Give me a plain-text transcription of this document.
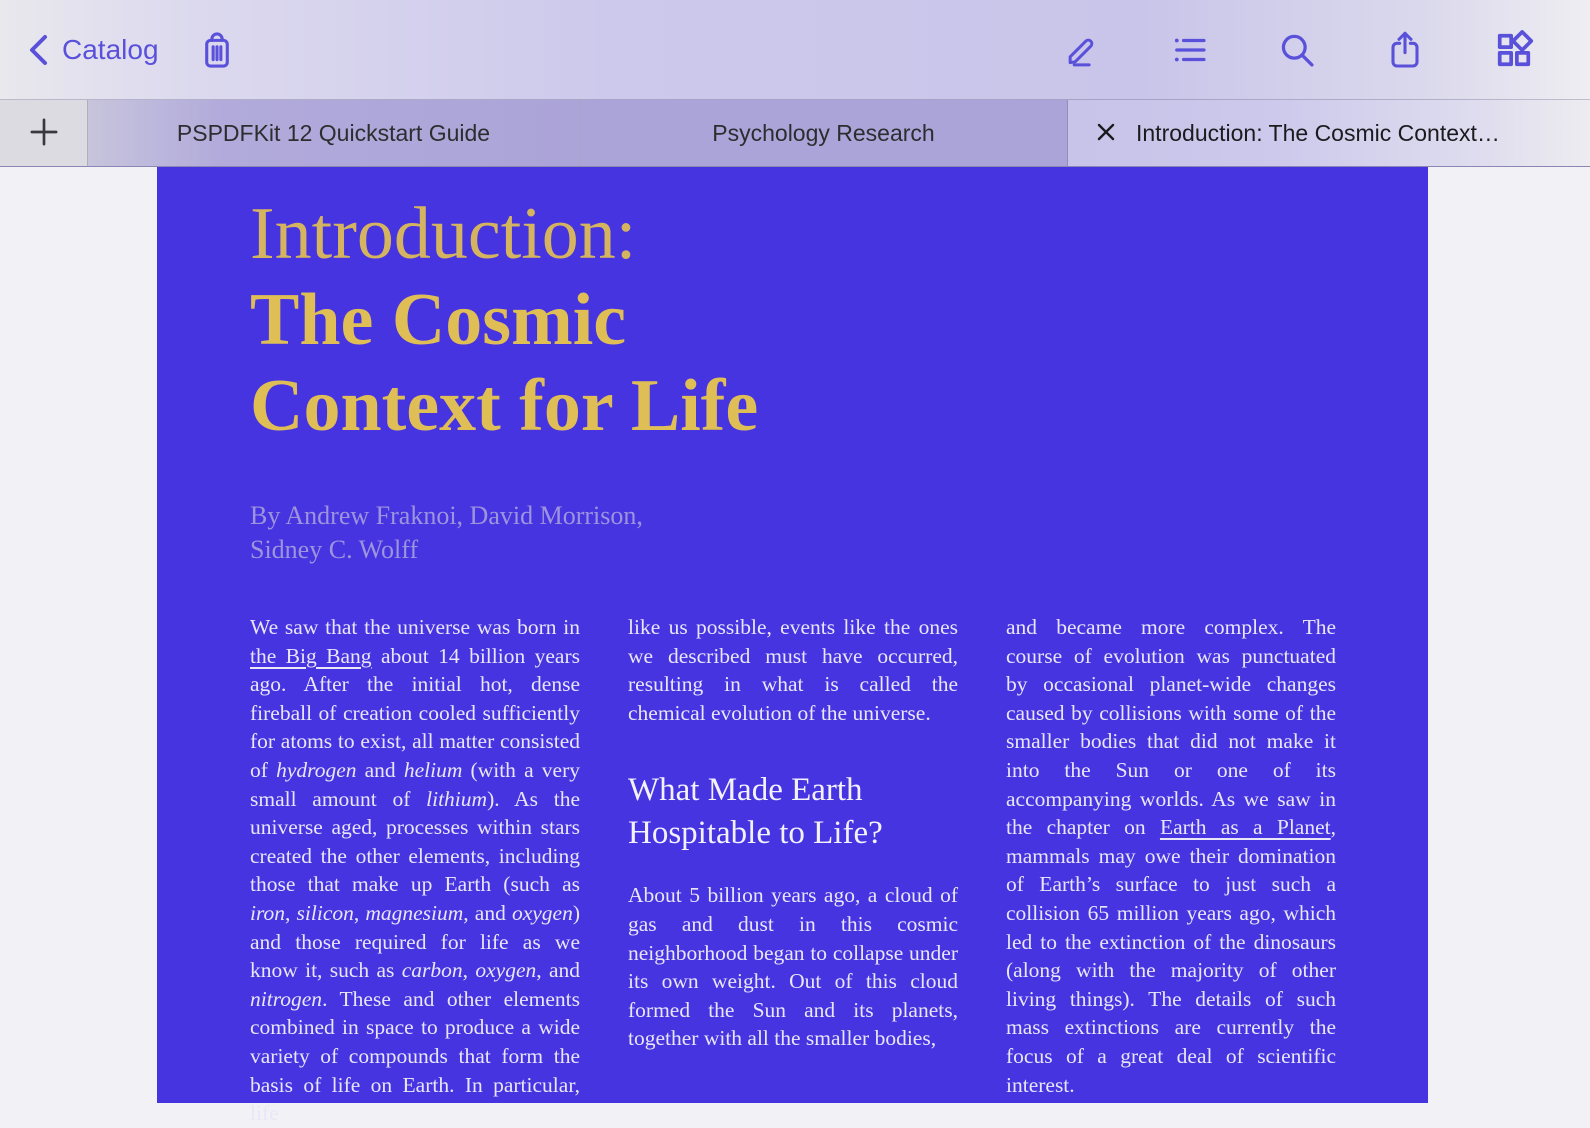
Catalog
PSPDFKit 12 Quickstart Guide	Psychology Research	Introduction: The Cosmic Context…
Introduction:
The Cosmic
Context for Life
By Andrew Fraknoi, David Morrison,
Sidney C. Wolff

We saw that the universe was born in the Big Bang about 14 billion years ago. After the initial hot, dense fireball of creation cooled sufficiently for atoms to exist, all matter consisted of hydrogen and helium (with a very small amount of lithium). As the universe aged, processes within stars created the other elements, including those that make up Earth (such as iron, silicon, magnesium, and oxygen) and those required for life as we know it, such as carbon, oxygen, and nitrogen. These and other elements combined in space to produce a wide variety of compounds that form the basis of life on Earth. In particular, life

like us possible, events like the ones we described must have occurred, resulting in what is called the chemical evolution of the universe.

What Made Earth Hospitable to Life?

About 5 billion years ago, a cloud of gas and dust in this cosmic neighborhood began to collapse under its own weight. Out of this cloud formed the Sun and its planets, together with all the smaller bodies,

and became more complex. The course of evolution was punctuated by occasional planet-wide changes caused by collisions with some of the smaller bodies that did not make it into the Sun or one of its accompanying worlds. As we saw in the chapter on Earth as a Planet, mammals may owe their domination of Earth’s surface to just such a collision 65 million years ago, which led to the extinction of the dinosaurs (along with the majority of other living things). The details of such mass extinctions are currently the focus of a great deal of scientific interest.
